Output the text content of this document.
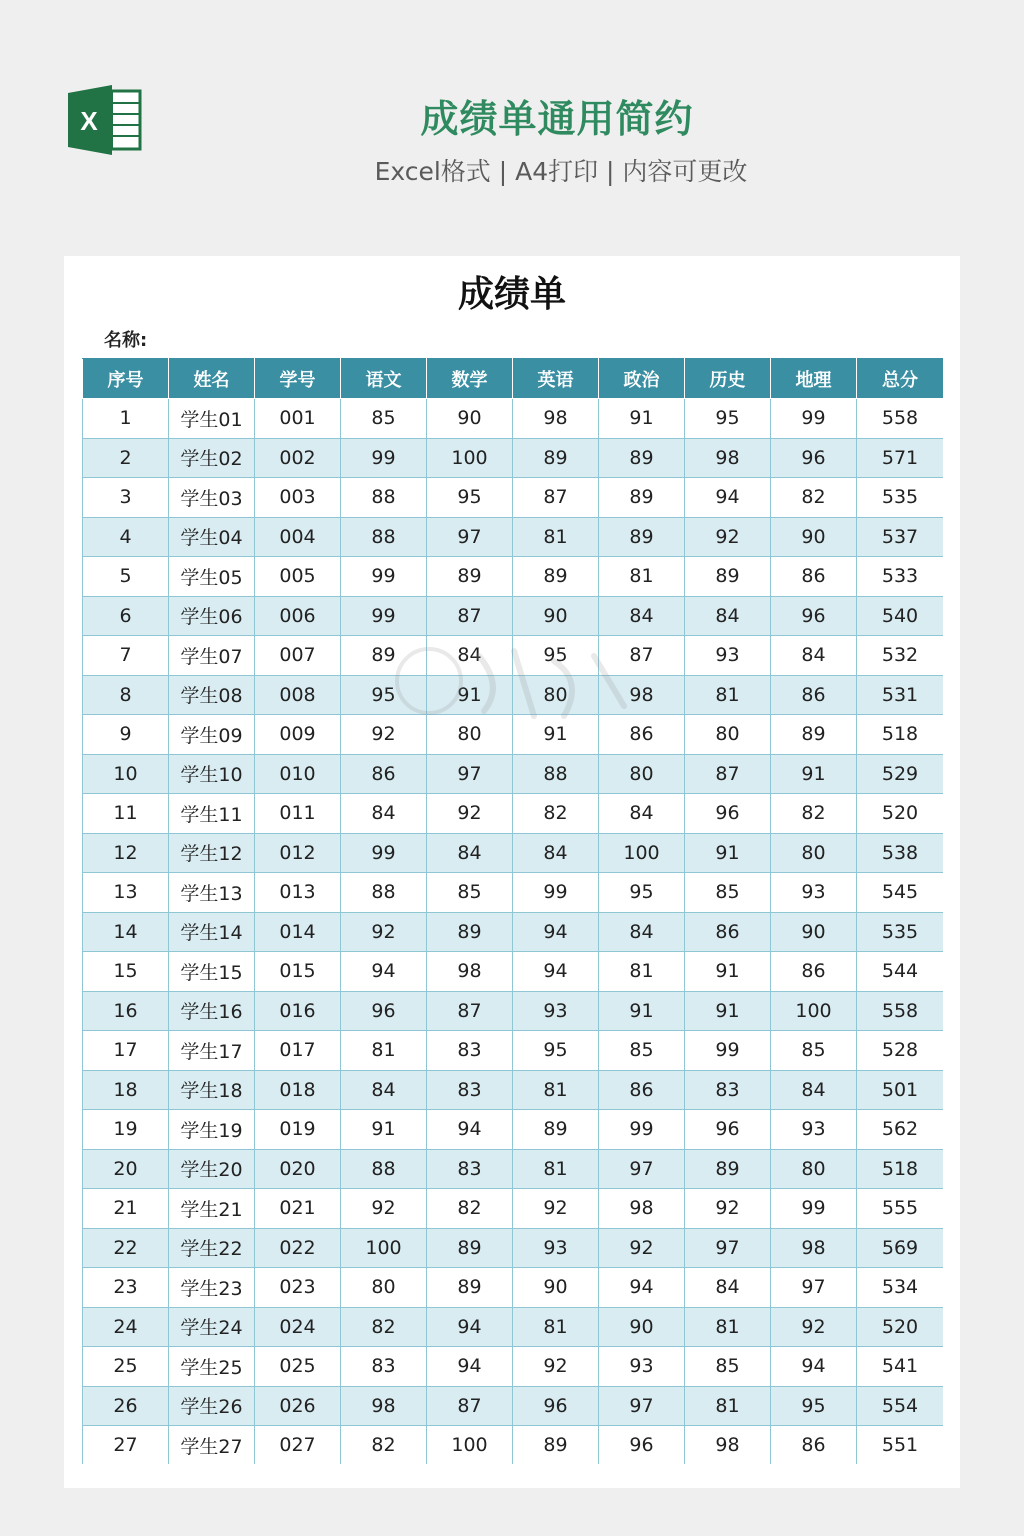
X	成绩单通用简约
Excel格式 | A4打印 | 内容可更改
成绩单
名称:
序号	姓名	学号	语文	数学	英语	政治	历史	地理	总分
1	学生01	001	85	90	98	91	95	99	558
2	学生02	002	99	100	89	89	98	96	571
3	学生03	003	88	95	87	89	94	82	535
4	学生04	004	88	97	81	89	92	90	537
5	学生05	005	99	89	89	81	89	86	533
6	学生06	006	99	87	90	84	84	96	540
7	学生07	007	89	84	95	87	93	84	532
8	学生08	008	95	91	80	98	81	86	531
9	学生09	009	92	80	91	86	80	89	518
10	学生10	010	86	97	88	80	87	91	529
11	学生11	011	84	92	82	84	96	82	520
12	学生12	012	99	84	84	100	91	80	538
13	学生13	013	88	85	99	95	85	93	545
14	学生14	014	92	89	94	84	86	90	535
15	学生15	015	94	98	94	81	91	86	544
16	学生16	016	96	87	93	91	91	100	558
17	学生17	017	81	83	95	85	99	85	528
18	学生18	018	84	83	81	86	83	84	501
19	学生19	019	91	94	89	99	96	93	562
20	学生20	020	88	83	81	97	89	80	518
21	学生21	021	92	82	92	98	92	99	555
22	学生22	022	100	89	93	92	97	98	569
23	学生23	023	80	89	90	94	84	97	534
24	学生24	024	82	94	81	90	81	92	520
25	学生25	025	83	94	92	93	85	94	541
26	学生26	026	98	87	96	97	81	95	554
27	学生27	027	82	100	89	96	98	86	551
